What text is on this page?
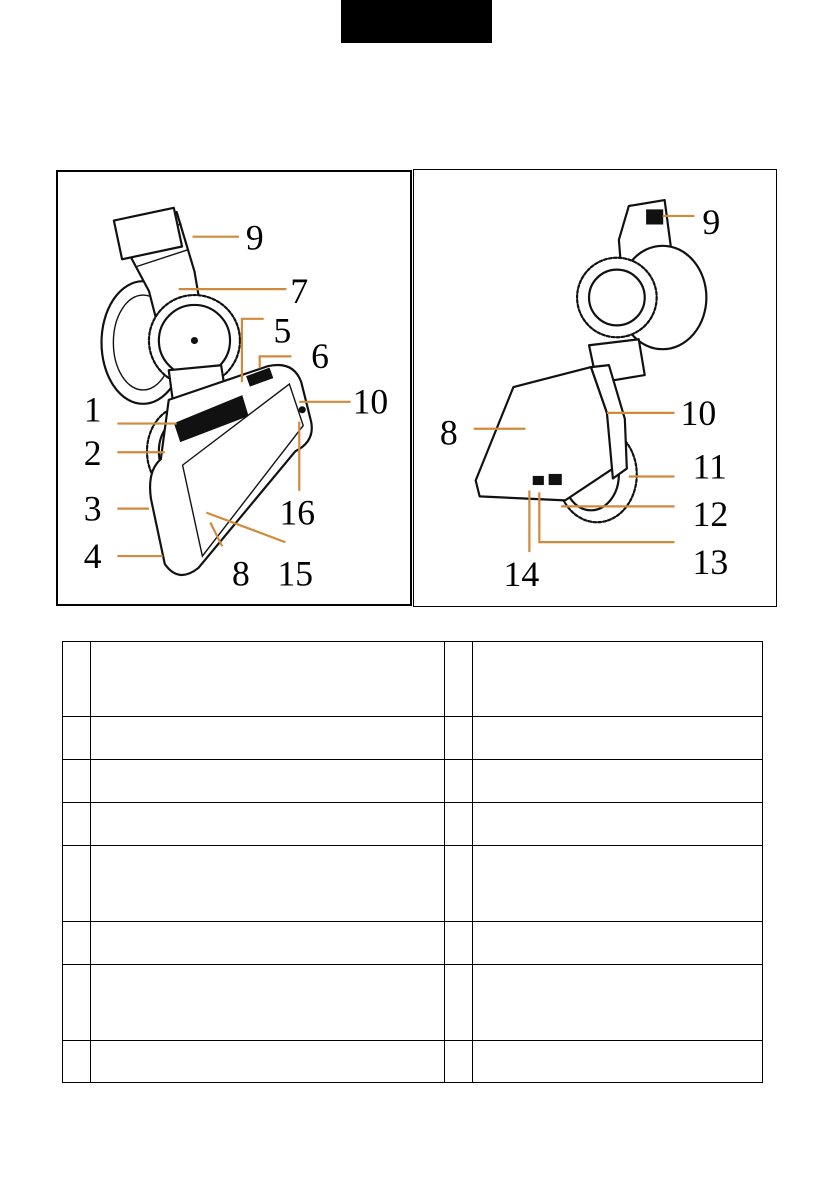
9
7
5
6
10
1
2
3
4
16
8 15
9
10
8
11
12
13
14
